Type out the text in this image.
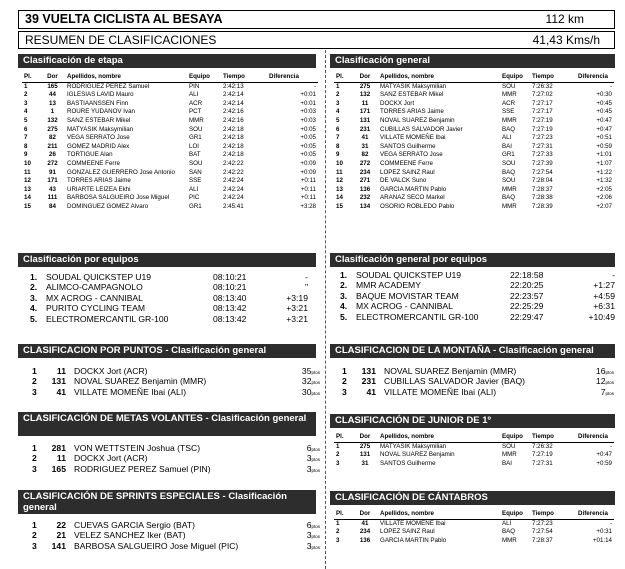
39 VUELTA CICLISTA AL BESAYA	112 km
RESUMEN DE CLASIFICACIONES	41,43 Kms/h
Clasificación de etapa	Clasificación general
Clasificación por equipos	Clasificación general por equipos
CLASIFICACION POR PUNTOS - Clasificación general	CLASIFICACION DE LA MONTAÑA - Clasificación general
CLASIFICACIÓN DE METAS VOLANTES - Clasificación general	CLASIFICACIÓN DE JUNIOR DE 1º
CLASIFICACIÓN DE SPRINTS ESPECIALES - Clasificación general
CLASIFICACIÓN DE CÁNTABROS
Pl.	Dor	Apellidos, nombre	Equipo	Tiempo	Diferencia
1	165	RODRIGUEZ PEREZ Samuel	PIN	2:42:13	-
2	44	IGLESIAS LAVID Mauro	ALI	2:42:14	+0:01
3	13	BASTIAANSSEN Finn	ACR	2:42:14	+0:01
4	1	ROURE YUDANOV Ivan	PCT	2:42:16	+0:03
5	132	SANZ ESTEBAR Mikel	MMR	2:42:16	+0:03
6	275	MATYASIK Maksymilian	SOU	2:42:18	+0:05
7	82	VEGA SERRATO Jose	GR1	2:42:18	+0:05
8	211	GOMEZ MADRID Alex	LOI	2:42:18	+0:05
9	26	TORTIGUE Alan	BAT	2:42:18	+0:05
10	272	COMMEENE Ferre	SOU	2:42:22	+0:09
11	91	GONZALEZ GUERRERO Jose Antonio	SAN	2:42:22	+0:09
12	171	TORRES ARIAS Jaime	SSE	2:42:24	+0:11
13	43	URIARTE LEIZEA Ekhi	ALI	2:42:24	+0:11
14	111	BARBOSA SALGUEIRO Jose Miguel	PIC	2:42:24	+0:11
15	84	DOMINGUEZ GOMEZ Alvaro	GR1	2:45:41	+3:28
Pl.	Dor	Apellidos, nombre	Equipo	Tiempo	Diferencia
1	275	MATYASIK Maksymilian	SOU	7:26:32	-
2	132	SANZ ESTEBAR Mikel	MMR	7:27:02	+0:30
3	11	DOCKX Jort	ACR	7:27:17	+0:45
4	171	TORRES ARIAS Jaime	SSE	7:27:17	+0:45
5	131	NOVAL SUAREZ Benjamin	MMR	7:27:19	+0:47
6	231	CUBILLAS SALVADOR Javier	BAQ	7:27:19	+0:47
7	41	VILLATE MOMEÑE Ibai	ALI	7:27:23	+0:51
8	31	SANTOS Guilherme	BAI	7:27:31	+0:59
9	82	VEGA SERRATO Jose	GR1	7:27:33	+1:01
10	272	COMMEENE Ferre	SOU	7:27:39	+1:07
11	234	LOPEZ SAINZ Raul	BAQ	7:27:54	+1:22
12	271	DE VALCK Suno	SOU	7:28:04	+1:32
13	136	GARCIA MARTIN Pablo	MMR	7:28:37	+2:05
14	232	ARANAZ SECO Markel	BAQ	7:28:38	+2:06
15	134	OSORIO ROBLEDO Pablo	MMR	7:28:39	+2:07
Pl.	Dor	Apellidos, nombre	Equipo	Tiempo	Diferencia
1	275	MATYASIK Maksymilian	SOU	7:26:32	-
2	131	NOVAL SUAREZ Benjamin	MMR	7:27:19	+0:47
3	31	SANTOS Guilherme	BAI	7:27:31	+0:59
Pl.	Dor	Apellidos, nombre	Equipo	Tiempo	Diferencia
1	41	VILLATE MOMEÑE Ibai	ALI	7:27:23	-
2	234	LOPEZ SAINZ Raul	BAQ	7:27:54	+0:31
3	136	GARCIA MARTIN Pablo	MMR	7:28:37	+01:14
1. SOUDAL QUICKSTEP U19	08:10:21	-
2. ALIMCO-CAMPAGNOLO	08:10:21	"
3. MX ACROG - CANNIBAL	08:13:40	+3:19
4. PURITO CYCLING TEAM	08:13:42	+3:21
5. ELECTROMERCANTIL GR-100	08:13:42	+3:21
1. SOUDAL QUICKSTEP U19	22:18:58	-
2. MMR ACADEMY	22:20:25	+1:27
3. BAQUE MOVISTAR TEAM	22:23:57	+4:59
4. MX ACROG - CANNIBAL	22:25:29	+6:31
5. ELECTROMERCANTIL GR-100	22:29:47	+10:49
1 11 DOCKX Jort (ACR)	35ptos
2 131 NOVAL SUAREZ Benjamin (MMR)	32ptos
3 41 VILLATE MOMEÑE Ibai (ALI)	30ptos
1 131 NOVAL SUAREZ Benjamin (MMR)	16ptos
2 231 CUBILLAS SALVADOR Javier (BAQ)	12ptos
3 41 VILLATE MOMEÑE Ibai (ALI)	7ptos
1 281 VON WETTSTEIN Joshua (TSC)	6ptos
2 11 DOCKX Jort (ACR)	3ptos
3 165 RODRIGUEZ PEREZ Samuel (PIN)	3ptos
1 22 CUEVAS GARCIA Sergio (BAT)	6ptos
2 21 VELEZ SANCHEZ Iker (BAT)	3ptos
3 141 BARBOSA SALGUEIRO Jose Miguel (PIC)	3ptos
